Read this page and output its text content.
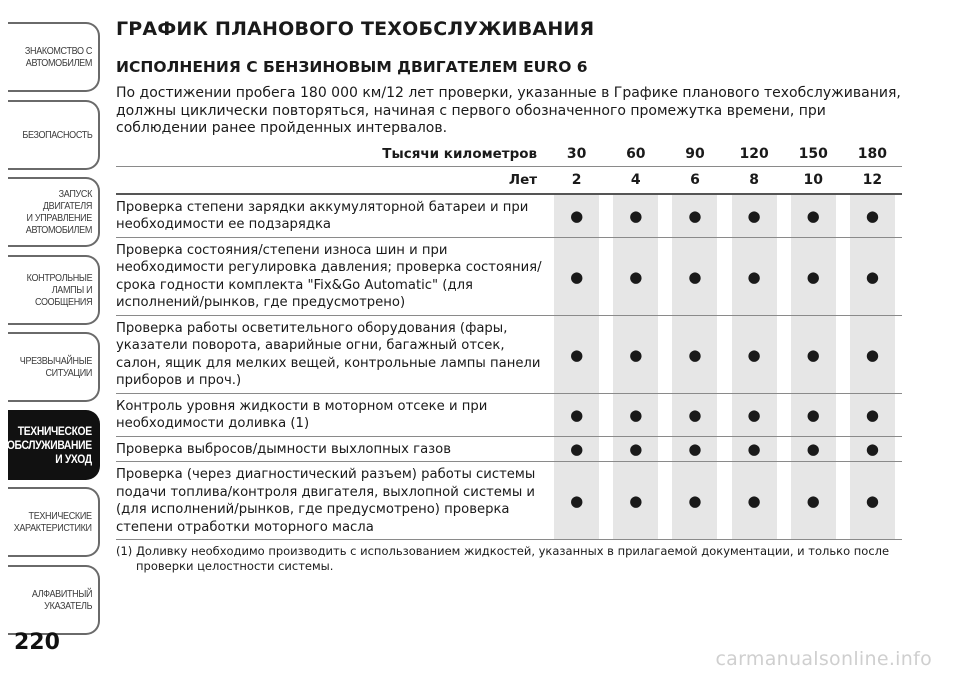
ЗНАКОМСТВО С
АВТОМОБИЛЕМ
БЕЗОПАСНОСТЬ
ЗАПУСК ДВИГАТЕЛЯ
И УПРАВЛЕНИЕ
АВТОМОБИЛЕМ
КОНТРОЛЬНЫЕ
ЛАМПЫ И
СООБЩЕНИЯ
ЧРЕЗВЫЧАЙНЫЕ
СИТУАЦИИ
ТЕХНИЧЕСКОЕ
ОБСЛУЖИВАНИЕ
И УХОД
ТЕХНИЧЕСКИЕ
ХАРАКТЕРИСТИКИ
АЛФАВИТНЫЙ
УКАЗАТЕЛЬ
220
ГРАФИК ПЛАНОВОГО ТЕХОБСЛУЖИВАНИЯ
ИСПОЛНЕНИЯ С БЕНЗИНОВЫМ ДВИГАТЕЛЕМ EURO 6
По достижении пробега 180 000 км/12 лет проверки, указанные в Графике планового техобслуживания, должны циклически повторяться, начиная с первого обозначенного промежутка времени, при соблюдении ранее пройденных интервалов.
Тысячи километров	30	60	90	120	150	180
Лет	2	4	6	8	10	12
Проверка степени зарядки аккумуляторной батареи и при необходимости ее подзарядка	●	●	●	●	●	●
Проверка состояния/степени износа шин и при необходимости регулировка давления; проверка состояния/срока годности комплекта "Fix&Go Automatic" (для исполнений/рынков, где предусмотрено)	●	●	●	●	●	●
Проверка работы осветительного оборудования (фары, указатели поворота, аварийные огни, багажный отсек, салон, ящик для мелких вещей, контрольные лампы панели приборов и проч.)	●	●	●	●	●	●
Контроль уровня жидкости в моторном отсеке и при необходимости доливка (1)	●	●	●	●	●	●
Проверка выбросов/дымности выхлопных газов	●	●	●	●	●	●
Проверка (через диагностический разъем) работы системы подачи топлива/контроля двигателя, выхлопной системы и (для исполнений/рынков, где предусмотрено) проверка степени отработки моторного масла	●	●	●	●	●	●
(1) Доливку необходимо производить с использованием жидкостей, указанных в прилагаемой документации, и только после проверки целостности системы.
carmanualsonline.info
